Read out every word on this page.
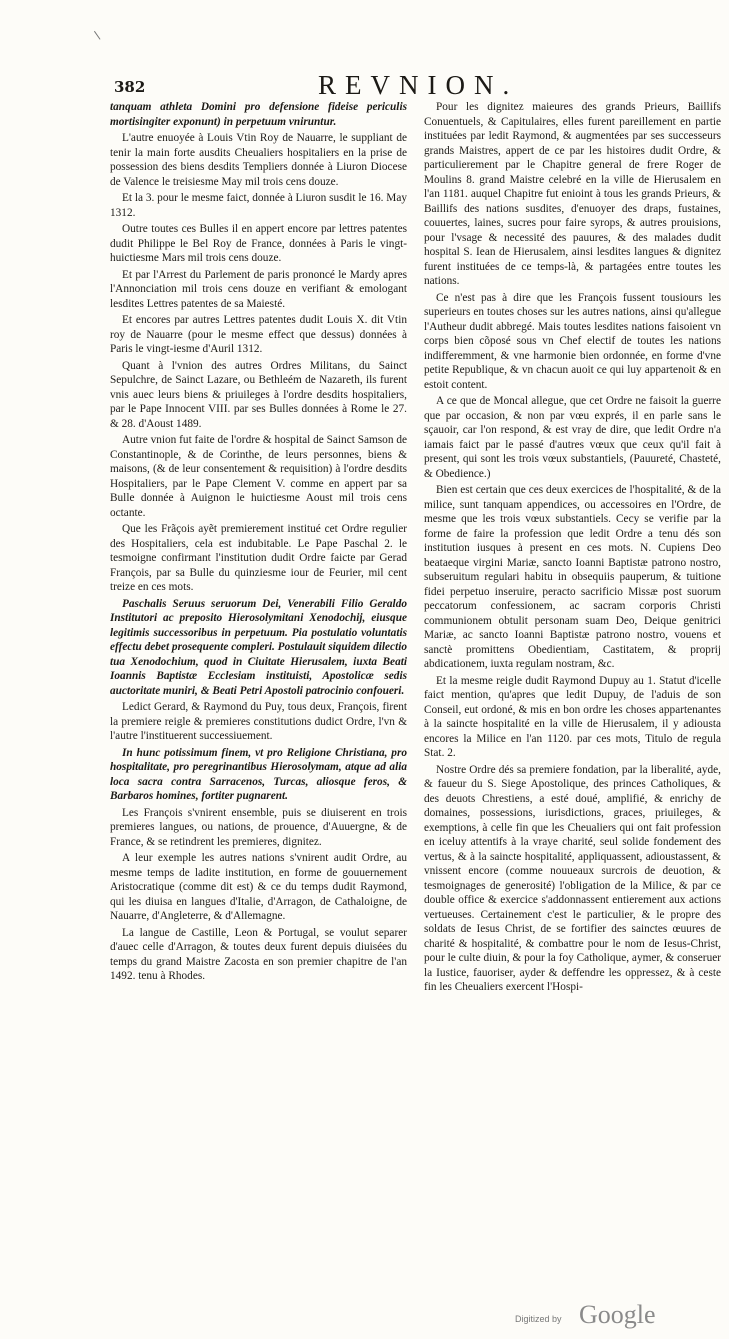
382	REVNION.

tanquam athleta Domini pro defensione fideise periculis mortisingiter exponunt) in perpetuum vniruntur.

L'autre enuoyée à Louis Vtin Roy de Nauarre, le suppliant de tenir la main forte ausdits Cheualiers hospitaliers en la prise de possession des biens desdits Templiers donnée à Liuron Diocese de Valence le treisiesme May mil trois cens douze.

Et la 3. pour le mesme faict, donnée à Liuron susdit le 16. May 1312.

Outre toutes ces Bulles il en appert encore par lettres patentes dudit Philippe le Bel Roy de France, données à Paris le vingt-huictiesme Mars mil trois cens douze.

Et par l'Arrest du Parlement de paris prononcé le Mardy apres l'Annonciation mil trois cens douze en verifiant & emologant lesdites Lettres patentes de sa Maiesté.

Et encores par autres Lettres patentes dudit Louis X. dit Vtin roy de Nauarre (pour le mesme effect que dessus) données à Paris le vingt-iesme d'Auril 1312.

Quant à l'vnion des autres Ordres Militans, du Sainct Sepulchre, de Sainct Lazare, ou Bethleém de Nazareth, ils furent vnis auec leurs biens & priuileges à l'ordre desdits hospitaliers, par le Pape Innocent VIII. par ses Bulles données à Rome le 27. & 28. d'Aoust 1489.

Autre vnion fut faite de l'ordre & hospital de Sainct Samson de Constantinople, & de Corinthe, de leurs personnes, biens & maisons, (& de leur consentement & requisition) à l'ordre desdits Hospitaliers, par le Pape Clement V. comme en appert par sa Bulle donnée à Auignon le huictiesme Aoust mil trois cens octante.

Que les Frãçois ayẽt premierement institué cet Ordre regulier des Hospitaliers, cela est indubitable. Le Pape Paschal 2. le tesmoigne confirmant l'institution dudit Ordre faicte par Gerad François, par sa Bulle du quinziesme iour de Feurier, mil cent treize en ces mots.

Paschalis Seruus seruorum Dei, Venerabili Filio Geraldo Institutori ac preposito Hierosolymitani Xenodochij, eiusque legitimis successoribus in perpetuum. Pia postulatio voluntatis effectu debet prosequente compleri. Postulauit siquidem dilectio tua Xenodochium, quod in Ciuitate Hierusalem, iuxta Beati Ioannis Baptistæ Ecclesiam instituisti, Apostolicæ sedis auctoritate muniri, & Beati Petri Apostoli patrocinio confoueri.

Ledict Gerard, & Raymond du Puy, tous deux, François, firent la premiere reigle & premieres constitutions dudict Ordre, l'vn & l'autre l'instituerent successiuement.

In hunc potissimum finem, vt pro Religione Christiana, pro hospitalitate, pro peregrinantibus Hierosolymam, atque ad alia loca sacra contra Sarracenos, Turcas, aliosque feros, & Barbaros homines, fortiter pugnarent.

Les François s'vnirent ensemble, puis se diuiserent en trois premieres langues, ou nations, de prouence, d'Auuergne, & de France, & se retindrent les premieres, dignitez.

A leur exemple les autres nations s'vnirent audit Ordre, au mesme temps de ladite institution, en forme de gouuernement Aristocratique (comme dit est) & ce du temps dudit Raymond, qui les diuisa en langues d'Italie, d'Arragon, de Cathaloigne, de Nauarre, d'Angleterre, & d'Allemagne.

La langue de Castille, Leon & Portugal, se voulut separer d'auec celle d'Arragon, & toutes deux furent depuis diuisées du temps du grand Maistre Zacosta en son premier chapitre de l'an 1492. tenu à Rhodes.

Pour les dignitez maieures des grands Prieurs, Baillifs Conuentuels, & Capitulaires, elles furent pareillement en partie instituées par ledit Raymond, & augmentées par ses successeurs grands Maistres, appert de ce par les histoires dudit Ordre, & particulierement par le Chapitre general de frere Roger de Moulins 8. grand Maistre celebré en la ville de Hierusalem en l'an 1181. auquel Chapitre fut enioint à tous les grands Prieurs, & Baillifs des nations susdites, d'enuoyer des draps, fustaines, couuertes, laines, sucres pour faire syrops, & autres prouisions, pour l'vsage & necessité des pauures, & des malades dudit hospital S. Iean de Hierusalem, ainsi lesdites langues & dignitez furent instituées de ce temps-là, & partagées entre toutes les nations.

Ce n'est pas à dire que les François fussent tousiours les superieurs en toutes choses sur les autres nations, ainsi qu'allegue l'Autheur dudit abbregé. Mais toutes lesdites nations faisoient vn corps bien cõposé sous vn Chef electif de toutes les nations indifferemment, & vne harmonie bien ordonnée, en forme d'vne petite Republique, & vn chacun auoit ce qui luy appartenoit & en estoit content.

A ce que de Moncal allegue, que cet Ordre ne faisoit la guerre que par occasion, & non par vœu exprés, il en parle sans le sçauoir, car l'on respond, & est vray de dire, que ledit Ordre n'a iamais faict par le passé d'autres vœux que ceux qu'il fait à present, qui sont les trois vœux substantiels, (Pauureté, Chasteté, & Obedience.)

Bien est certain que ces deux exercices de l'hospitalité, & de la milice, sunt tanquam appendices, ou accessoires en l'Ordre, de mesme que les trois vœux substantiels. Cecy se verifie par la forme de faire la profession que ledit Ordre a tenu dés son institution iusques à present en ces mots. N. Cupiens Deo beataeque virgini Mariæ, sancto Ioanni Baptistæ patrono nostro, subseruitum regulari habitu in obsequiis pauperum, & tuitione fidei perpetuo inseruire, peracto sacrificio Missæ post suorum peccatorum confessionem, ac sacram corporis Christi communionem obtulit personam suam Deo, Deique genitrici Mariæ, ac sancto Ioanni Baptistæ patrono nostro, vouens et sanctè promittens Obedientiam, Castitatem, & proprij abdicationem, iuxta regulam nostram, &c.

Et la mesme reigle dudit Raymond Dupuy au 1. Statut d'icelle faict mention, qu'apres que ledit Dupuy, de l'aduis de son Conseil, eut ordoné, & mis en bon ordre les choses appartenantes à la saincte hospitalité en la ville de Hierusalem, il y adiousta encores la Milice en l'an 1120. par ces mots, Titulo de regula Stat. 2.

Nostre Ordre dés sa premiere fondation, par la liberalité, ayde, & faueur du S. Siege Apostolique, des princes Catholiques, & des deuots Chrestiens, a esté doué, amplifié, & enrichy de domaines, possessions, iurisdictions, graces, priuileges, & exemptions, à celle fin que les Cheualiers qui ont fait profession en iceluy attentifs à la vraye charité, seul solide fondement des vertus, & à la saincte hospitalité, appliquassent, adioustassent, & vnissent encore (comme nouueaux surcrois de deuotion, & tesmoignages de generosité) l'obligation de la Milice, & par ce double office & exercice s'addonnassent entierement aux actions vertueuses. Certainement c'est le particulier, & le propre des soldats de Iesus Christ, de se fortifier des sainctes œuures de charité & hospitalité, & combattre pour le nom de Iesus-Christ, pour le culte diuin, & pour la foy Catholique, aymer, & conseruer la Iustice, fauoriser, ayder & deffendre les oppressez, & à ceste fin les Cheualiers exercent l'Hospi-

Digitized by Google
